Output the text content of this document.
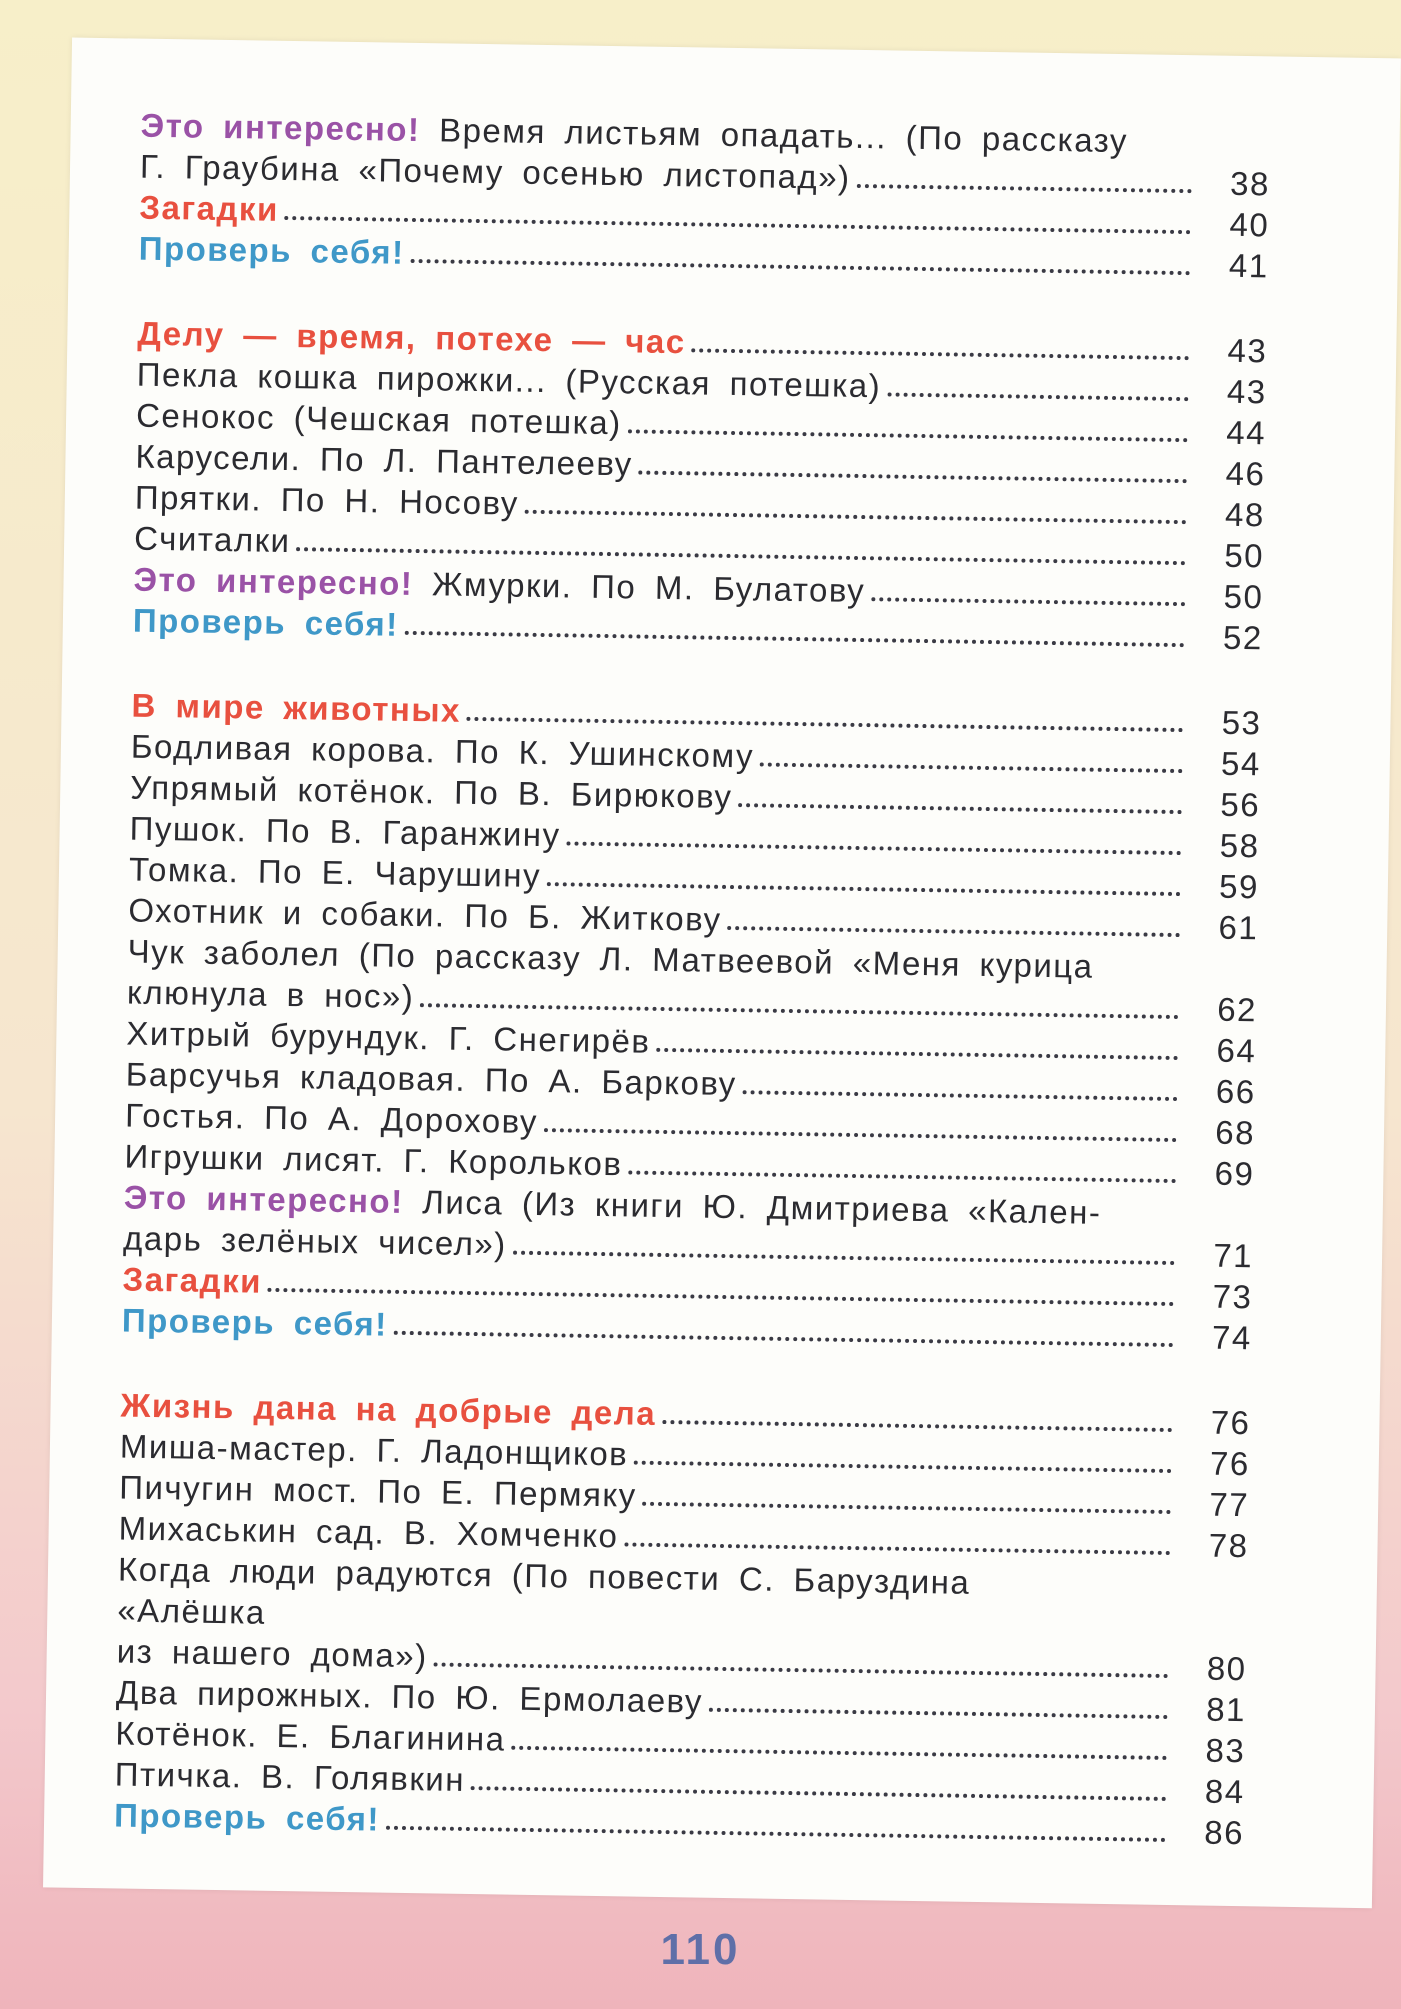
Это интересно! Время листьям опадать... (По рассказу
Г. Граубина «Почему осенью листопад»)	38
Загадки	40
Проверь себя!	41
Делу — время, потехе — час	43
Пекла кошка пирожки... (Русская потешка)	43
Сенокос (Чешская потешка)	44
Карусели. По Л. Пантелееву	46
Прятки. По Н. Носову	48
Считалки	50
Это интересно! Жмурки. По М. Булатову	50
Проверь себя!	52
В мире животных	53
Бодливая корова. По К. Ушинскому	54
Упрямый котёнок. По В. Бирюкову	56
Пушок. По В. Гаранжину	58
Томка. По Е. Чарушину	59
Охотник и собаки. По Б. Житкову	61
Чук заболел (По рассказу Л. Матвеевой «Меня курица
клюнула в нос»)	62
Хитрый бурундук. Г. Снегирёв	64
Барсучья кладовая. По А. Баркову	66
Гостья. По А. Дорохову	68
Игрушки лисят. Г. Корольков	69
Это интересно! Лиса (Из книги Ю. Дмитриева «Кален-
дарь зелёных чисел»)	71
Загадки	73
Проверь себя!	74
Жизнь дана на добрые дела	76
Миша-мастер. Г. Ладонщиков	76
Пичугин мост. По Е. Пермяку	77
Михаськин сад. В. Хомченко	78
Когда люди радуются (По повести С. Баруздина «Алёшка
из нашего дома»)	80
Два пирожных. По Ю. Ермолаеву	81
Котёнок. Е. Благинина	83
Птичка. В. Голявкин	84
Проверь себя!	86
110
